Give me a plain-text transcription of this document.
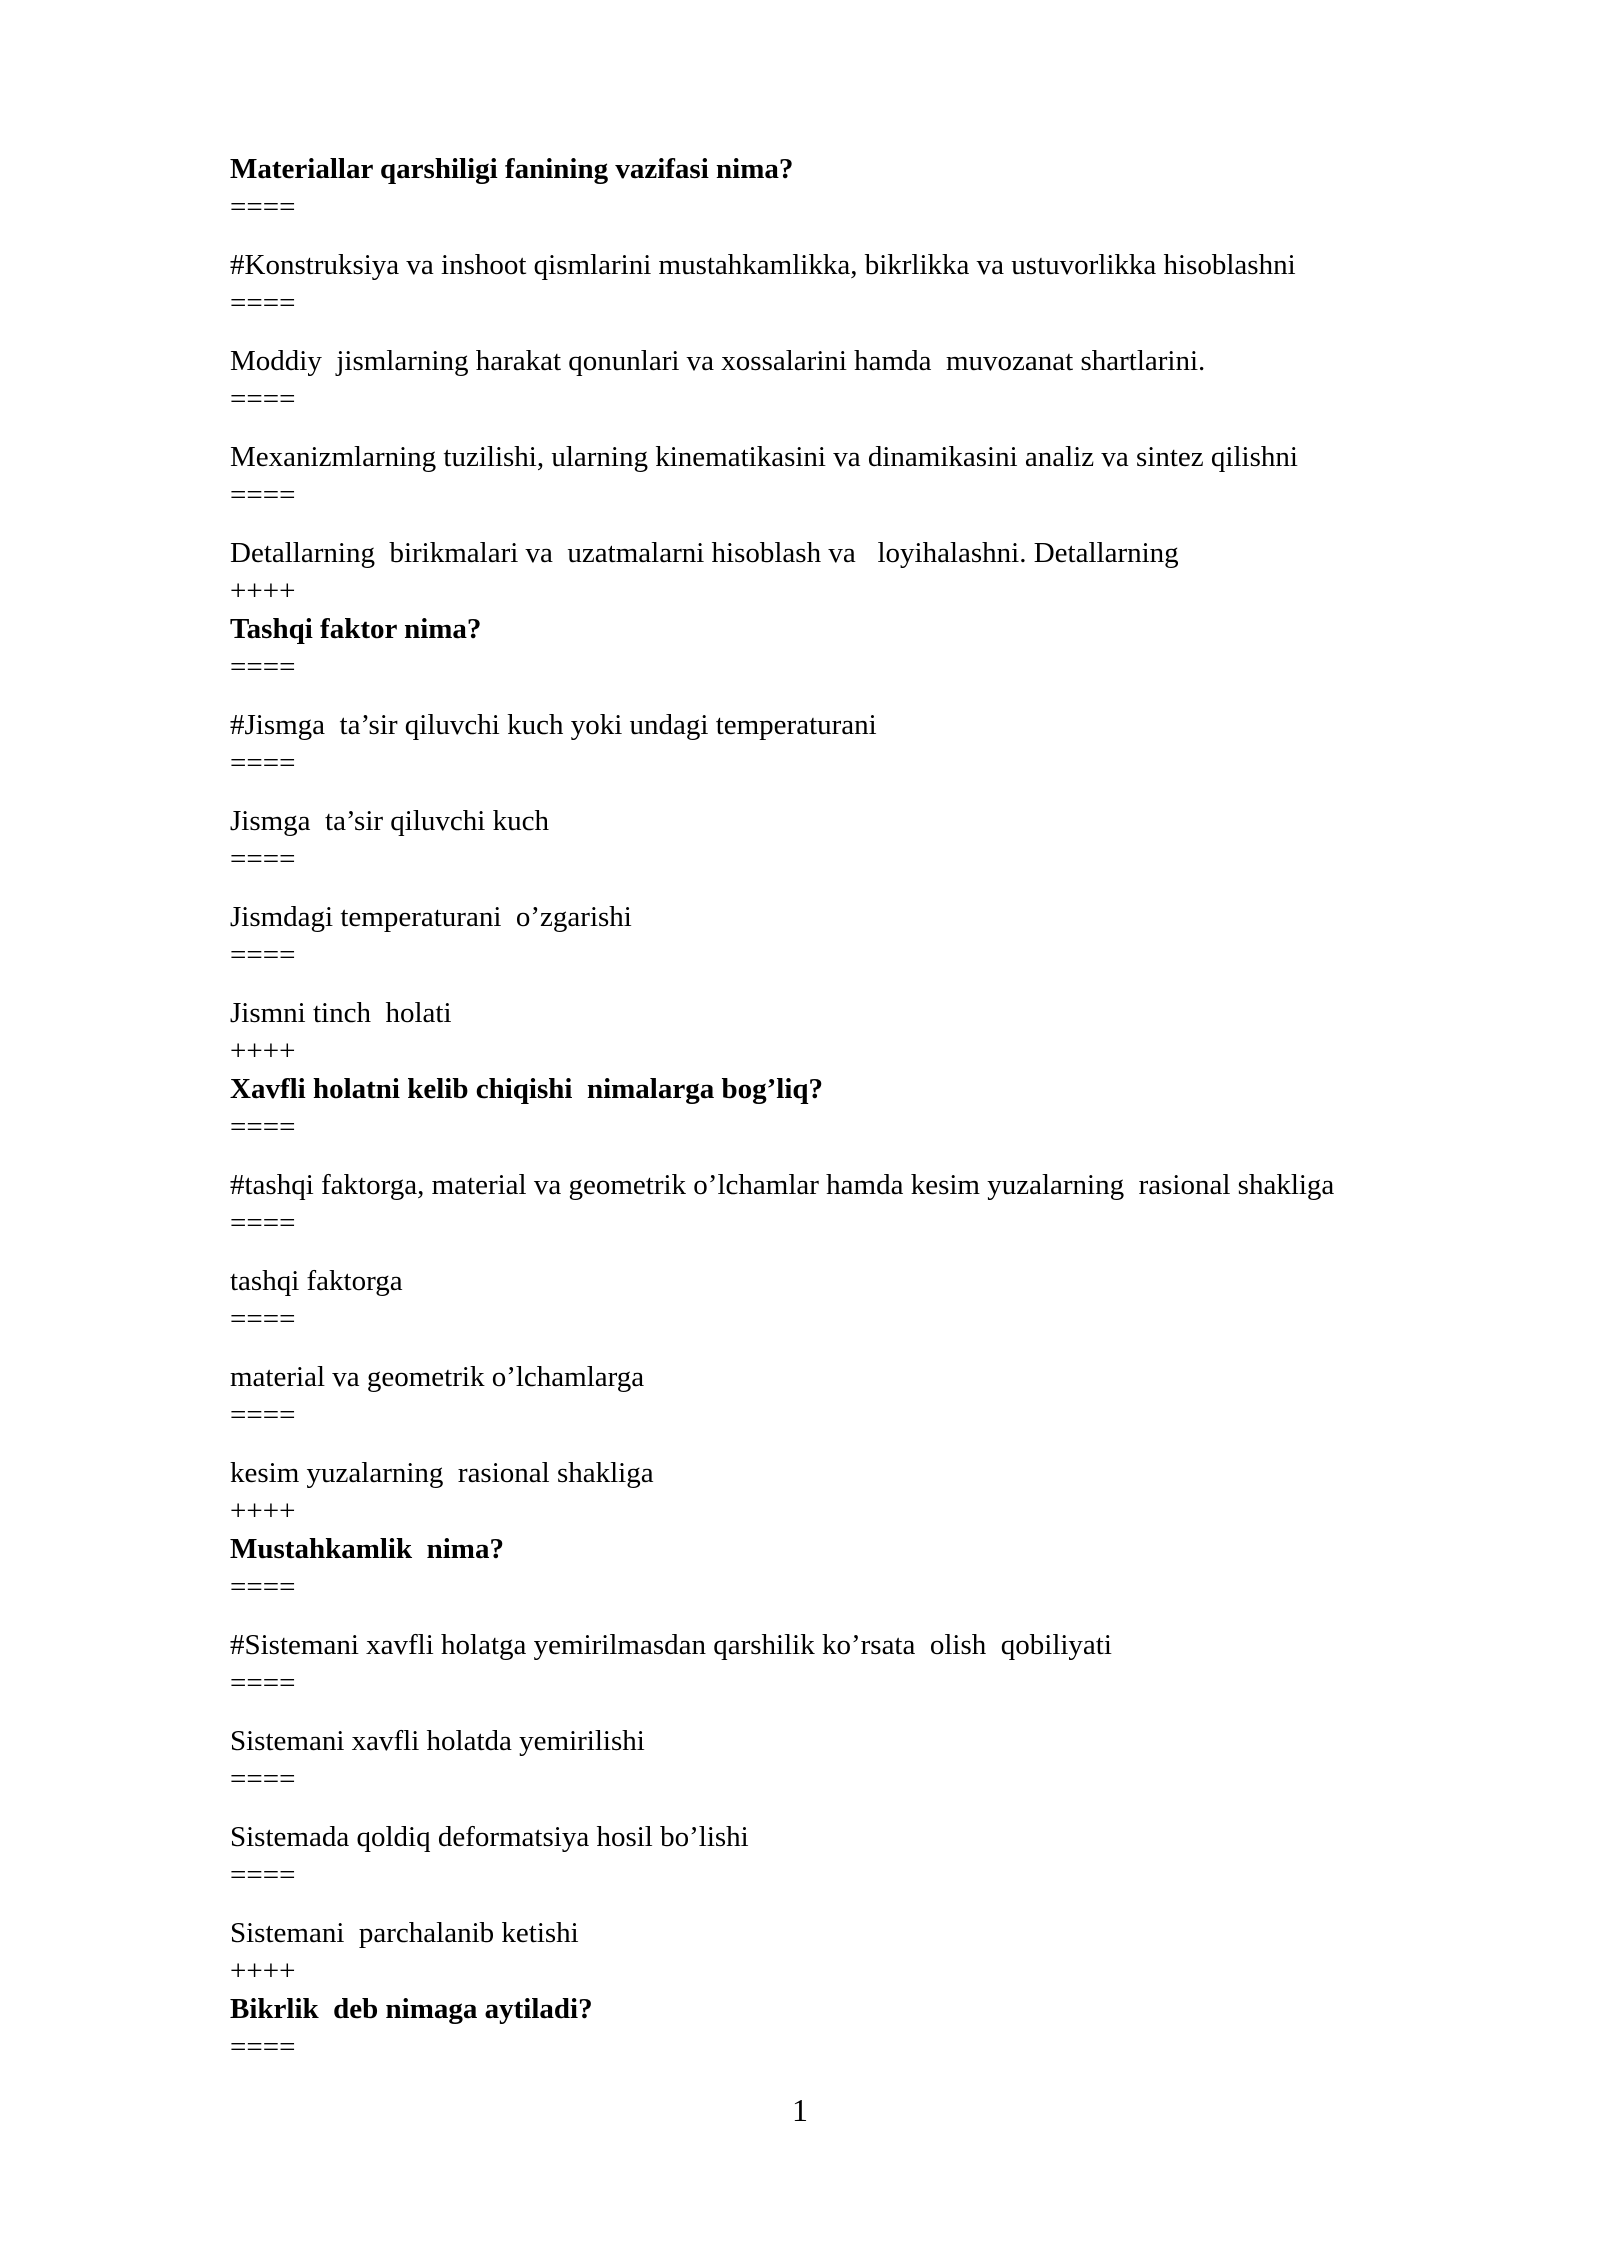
Materiallar qarshiligi fanining vazifasi nima?
====
#Konstruksiya va inshoot qismlarini mustahkamlikka, bikrlikka va ustuvorlikka hisoblashni
====
Moddiy  jismlarning harakat qonunlari va xossalarini hamda  muvozanat shartlarini.
====
Mexanizmlarning tuzilishi, ularning kinematikasini va dinamikasini analiz va sintez qilishni
====
Detallarning  birikmalari va  uzatmalarni hisoblash va   loyihalashni. Detallarning
++++
Tashqi faktor nima?
====
#Jismga  ta’sir qiluvchi kuch yoki undagi temperaturani
====
Jismga  ta’sir qiluvchi kuch
====
Jismdagi temperaturani  o’zgarishi
====
Jismni tinch  holati
++++
Xavfli holatni kelib chiqishi  nimalarga bog’liq?
====
#tashqi faktorga, material va geometrik o’lchamlar hamda kesim yuzalarning  rasional shakliga
====
tashqi faktorga
====
material va geometrik o’lchamlarga
====
kesim yuzalarning  rasional shakliga
++++
Mustahkamlik  nima?
====
#Sistemani xavfli holatga yemirilmasdan qarshilik ko’rsata  olish  qobiliyati
====
Sistemani xavfli holatda yemirilishi
====
Sistemada qoldiq deformatsiya hosil bo’lishi
====
Sistemani  parchalanib ketishi
++++
Bikrlik  deb nimaga aytiladi?
====
1
